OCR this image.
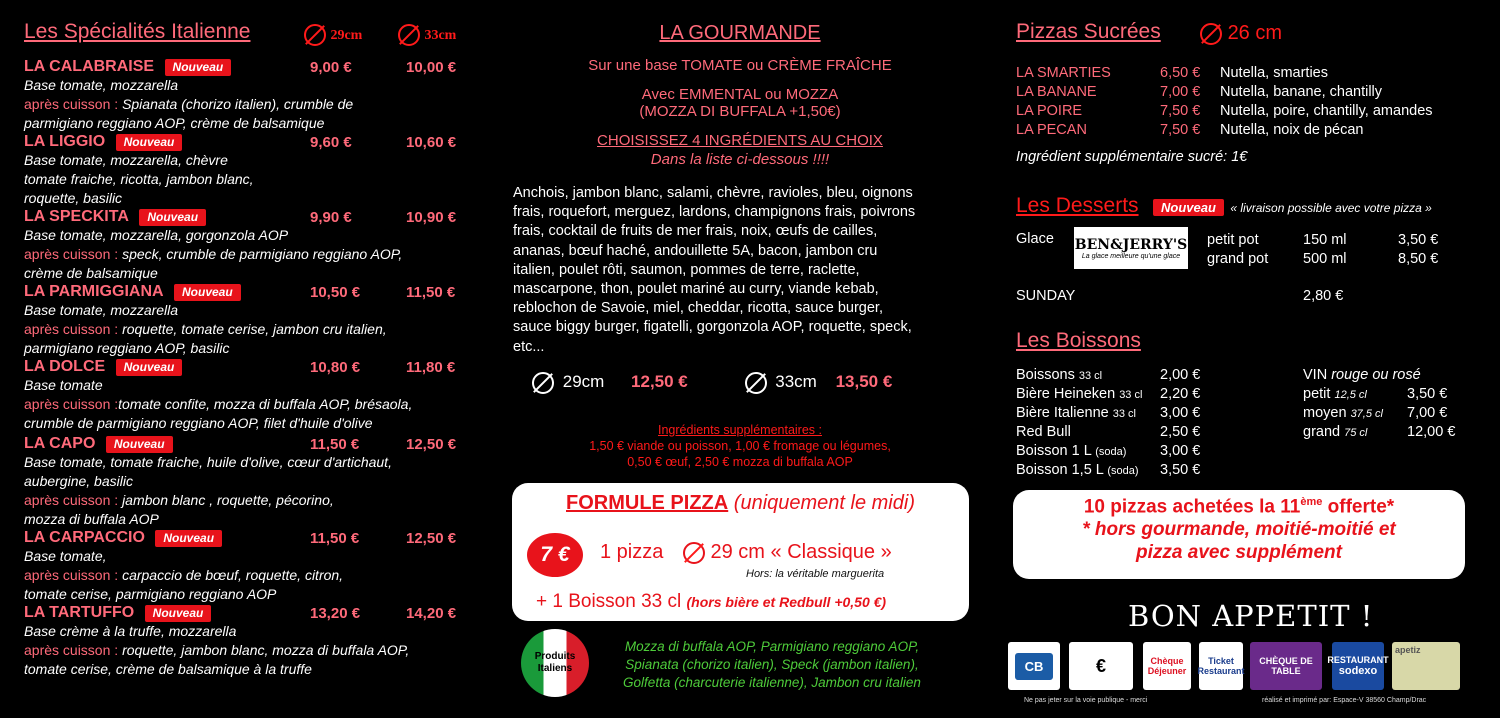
Les Spécialités Italienne	29cm	33cm
LA CALABRAISE Nouveau	9,00 €	10,00 €
Base tomate, mozzarella
après cuisson : Spianata (chorizo italien), crumble de
parmigiano reggiano AOP, crème de balsamique
LA LIGGIO Nouveau	9,60 €	10,60 €
Base tomate, mozzarella, chèvre
tomate fraiche, ricotta, jambon blanc,
roquette, basilic
LA SPECKITA Nouveau	9,90 €	10,90 €
Base tomate, mozzarella, gorgonzola AOP
après cuisson : speck, crumble de parmigiano reggiano AOP,
crème de balsamique
LA PARMIGGIANA Nouveau	10,50 €	11,50 €
Base tomate, mozzarella
après cuisson : roquette, tomate cerise, jambon cru italien,
parmigiano reggiano AOP, basilic
LA DOLCE Nouveau	10,80 €	11,80 €
Base tomate
après cuisson :tomate confite, mozza di buffala AOP, brésaola,
crumble de parmigiano reggiano AOP, filet d'huile d'olive
LA CAPO Nouveau	11,50 €	12,50 €
Base tomate, tomate fraiche, huile d'olive, cœur d'artichaut,
aubergine, basilic
après cuisson : jambon blanc , roquette, pécorino,
mozza di buffala AOP
LA CARPACCIO Nouveau	11,50 €	12,50 €
Base tomate,
après cuisson : carpaccio de bœuf, roquette, citron,
tomate cerise, parmigiano reggiano AOP
LA TARTUFFO Nouveau	13,20 €	14,20 €
Base crème à la truffe, mozzarella
après cuisson : roquette, jambon blanc, mozza di buffala AOP,
tomate cerise, crème de balsamique à la truffe
LA GOURMANDE
Sur une base TOMATE ou CRÈME FRAÎCHE
Avec EMMENTAL ou MOZZA
(MOZZA DI BUFFALA +1,50€)
CHOISISSEZ 4 INGRÉDIENTS AU CHOIX
Dans la liste ci-dessous !!!!
Anchois, jambon blanc, salami, chèvre, ravioles, bleu, oignons
frais, roquefort, merguez, lardons, champignons frais, poivrons
frais, cocktail de fruits de mer frais, noix, œufs de cailles,
ananas, bœuf haché, andouillette 5A, bacon, jambon cru
italien, poulet rôti, saumon, pommes de terre, raclette,
mascarpone, thon, poulet mariné au curry, viande kebab,
reblochon de Savoie, miel, cheddar, ricotta, sauce burger,
sauce biggy burger, figatelli, gorgonzola AOP, roquette, speck,
etc...
29cm 12,50 €	33cm 13,50 €
Ingrédients supplémentaires :
1,50 € viande ou poisson, 1,00 € fromage ou légumes,
0,50 € œuf, 2,50 € mozza di buffala AOP
FORMULE PIZZA (uniquement le midi)
7 € 1 pizza 29 cm « Classique »
Hors: la véritable marguerita
+ 1 Boisson 33 cl (hors bière et Redbull +0,50 €)
Produits Italiens
Mozza di buffala AOP, Parmigiano reggiano AOP,
Spianata (chorizo italien), Speck (jambon italien),
Golfetta (charcuterie italienne), Jambon cru italien
Pizzas Sucrées	26 cm
LA SMARTIES	6,50 € Nutella, smarties
LA BANANE	7,00 € Nutella, banane, chantilly
LA POIRE	7,50 € Nutella, poire, chantilly, amandes
LA PECAN	7,50 € Nutella, noix de pécan
Ingrédient supplémentaire sucré: 1€
Les Desserts Nouveau « livraison possible avec votre pizza »
Glace BEN&JERRY'S
La glace meilleure qu'une glace
petit pot	150 ml	3,50 €
grand pot 500 ml	8,50 €
SUNDAY	2,80 €
Les Boissons
Boissons 33 cl	2,00 €
Bière Heineken 33 cl 2,20 €
Bière Italienne 33 cl 3,00 €
Red Bull	2,50 €
Boisson 1 L (soda) 3,00 €
Boisson 1,5 L (soda) 3,50 €
VIN rouge ou rosé
petit 12,5 cl	3,50 €
moyen 37,5 cl 7,00 €
grand 75 cl	12,00 €
10 pizzas achetées la 11ème offerte*
* hors gourmande, moitié-moitié et
pizza avec supplément
BON APPETIT !
CB	€	Chèque Déjeuner
Ticket Restaurant
CHÈQUE DE TABLE
RESTAURANT
sodexo
apetiz
Ne pas jeter sur la voie publique - merci	réalisé et imprimé par: Espace-V 38560 Champ/Drac
